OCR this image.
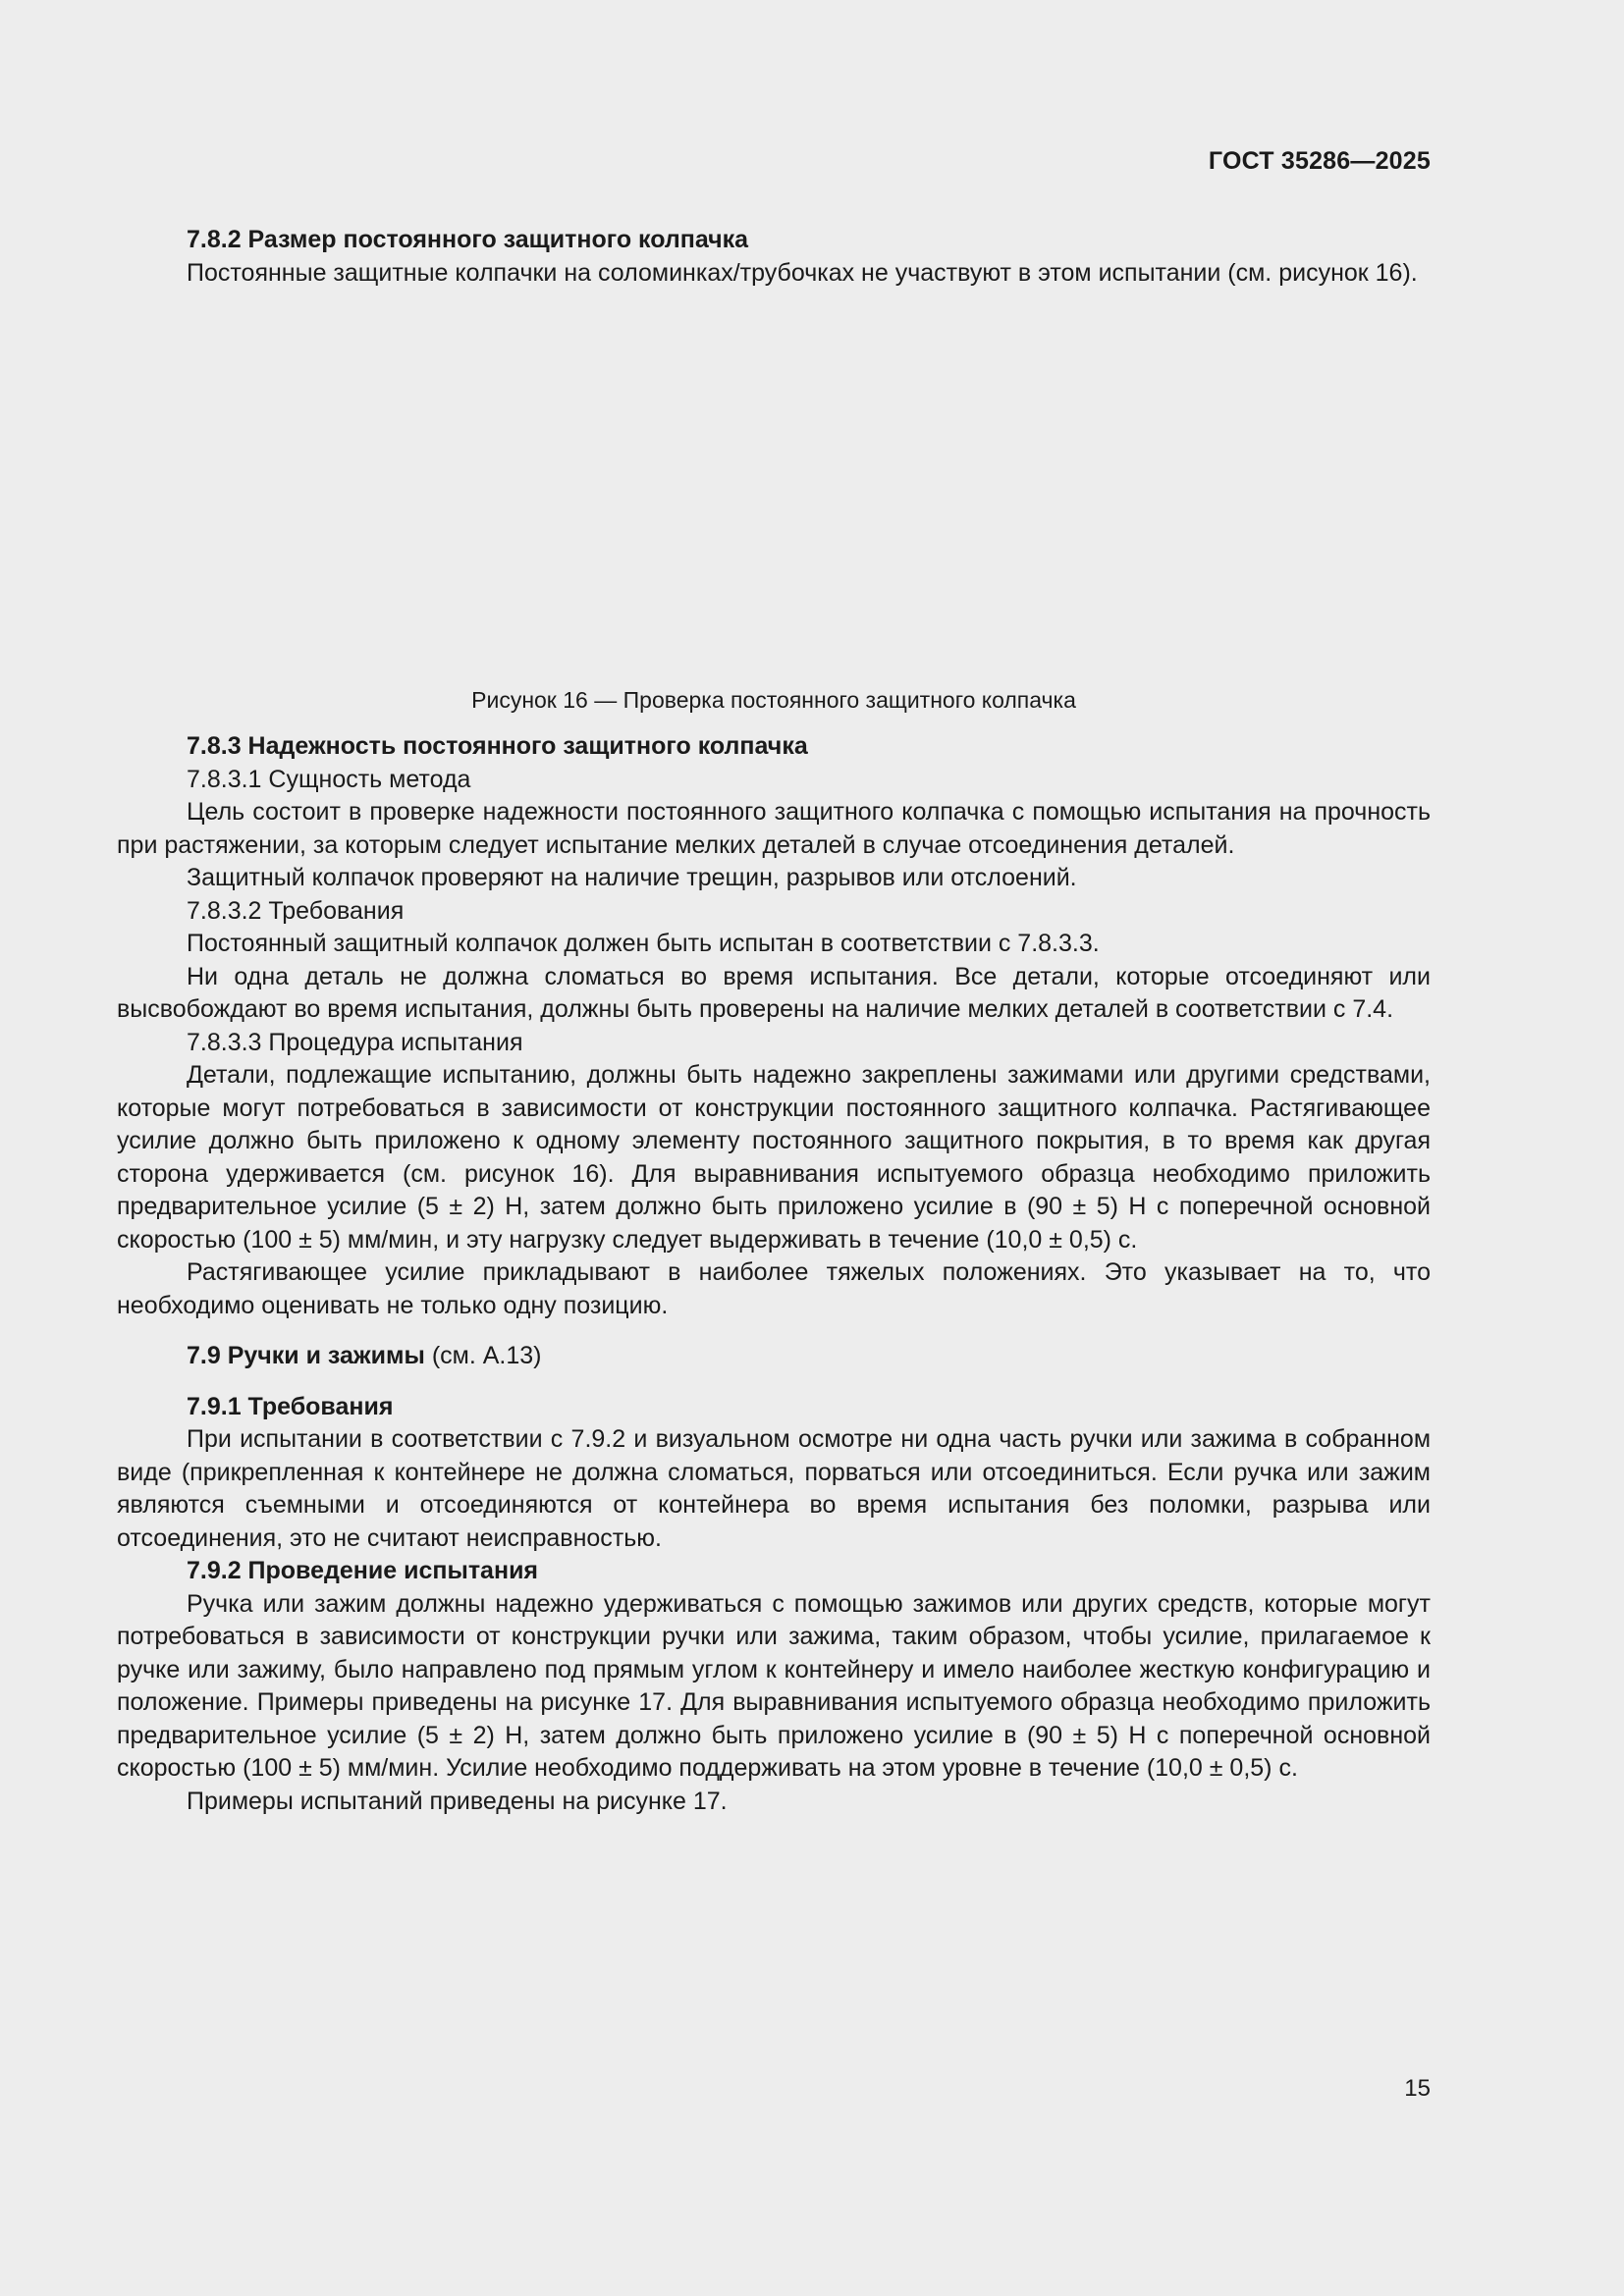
ГОСТ 35286—2025

7.8.2 Размер постоянного защитного колпачка

Постоянные защитные колпачки на соломинках/трубочках не участвуют в этом испытании (см. рисунок 16).

Рисунок 16 — Проверка постоянного защитного колпачка

7.8.3 Надежность постоянного защитного колпачка

7.8.3.1 Сущность метода

Цель состоит в проверке надежности постоянного защитного колпачка с помощью испытания на прочность при растяжении, за которым следует испытание мелких деталей в случае отсоединения деталей.

Защитный колпачок проверяют на наличие трещин, разрывов или отслоений.

7.8.3.2 Требования

Постоянный защитный колпачок должен быть испытан в соответствии с 7.8.3.3.

Ни одна деталь не должна сломаться во время испытания. Все детали, которые отсоединяют или высвобождают во время испытания, должны быть проверены на наличие мелких деталей в соответствии с 7.4.

7.8.3.3 Процедура испытания

Детали, подлежащие испытанию, должны быть надежно закреплены зажимами или другими средствами, которые могут потребоваться в зависимости от конструкции постоянного защитного колпачка. Растягивающее усилие должно быть приложено к одному элементу постоянного защитного покрытия, в то время как другая сторона удерживается (см. рисунок 16). Для выравнивания испытуемого образца необходимо приложить предварительное усилие (5 ± 2) Н, затем должно быть приложено усилие в (90 ± 5) Н с поперечной основной скоростью (100 ± 5) мм/мин, и эту нагрузку следует выдерживать в течение (10,0 ± 0,5) с.

Растягивающее усилие прикладывают в наиболее тяжелых положениях. Это указывает на то, что необходимо оценивать не только одну позицию.

7.9 Ручки и зажимы (см. А.13)

7.9.1 Требования

При испытании в соответствии с 7.9.2 и визуальном осмотре ни одна часть ручки или зажима в собранном виде (прикрепленная к контейнере не должна сломаться, порваться или отсоединиться. Если ручка или зажим являются съемными и отсоединяются от контейнера во время испытания без поломки, разрыва или отсоединения, это не считают неисправностью.

7.9.2 Проведение испытания

Ручка или зажим должны надежно удерживаться с помощью зажимов или других средств, которые могут потребоваться в зависимости от конструкции ручки или зажима, таким образом, чтобы усилие, прилагаемое к ручке или зажиму, было направлено под прямым углом к контейнеру и имело наиболее жесткую конфигурацию и положение. Примеры приведены на рисунке 17. Для выравнивания испытуемого образца необходимо приложить предварительное усилие (5 ± 2) Н, затем должно быть приложено усилие в (90 ± 5) Н с поперечной основной скоростью (100 ± 5) мм/мин. Усилие необходимо поддерживать на этом уровне в течение (10,0 ± 0,5) с.

Примеры испытаний приведены на рисунке 17.

15
